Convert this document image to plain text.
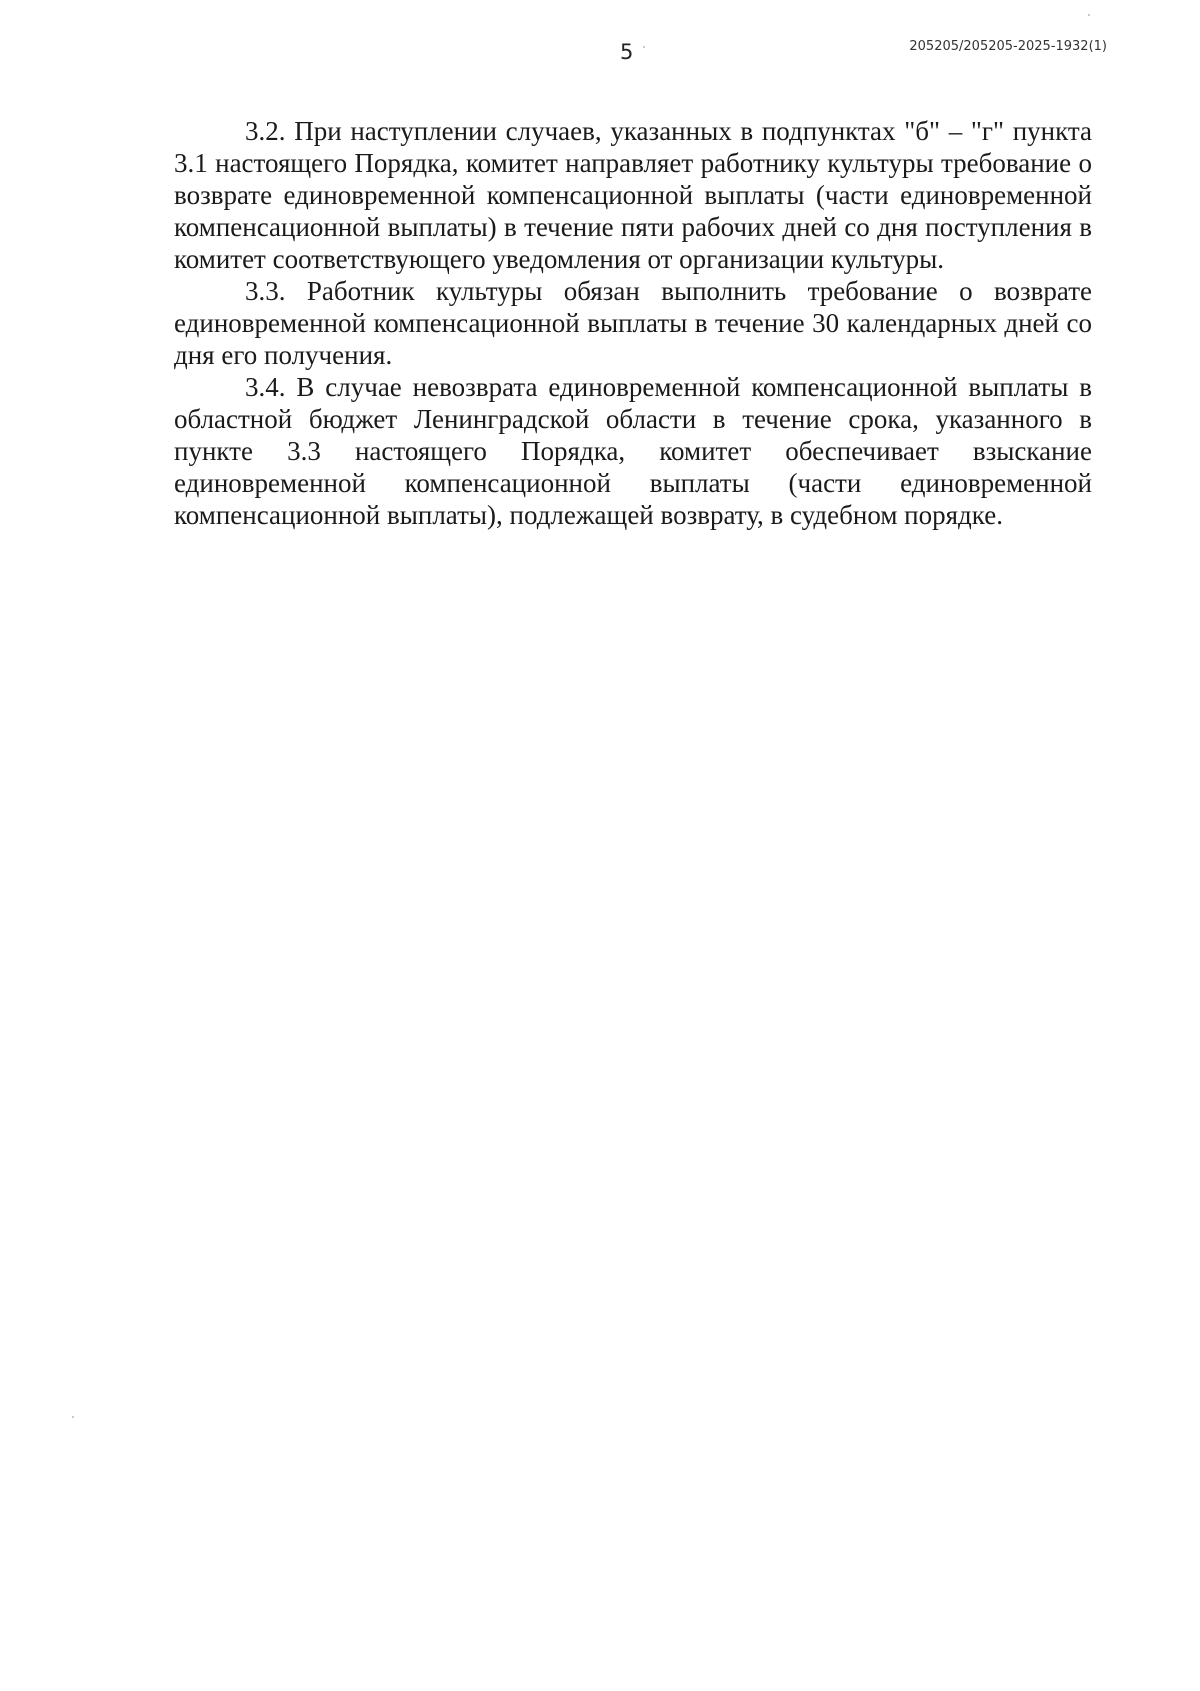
5	205205/205205-2025-1932(1)

3.2. При наступлении случаев, указанных в подпунктах "б" – "г" пункта 3.1 настоящего Порядка, комитет направляет работнику культуры требование о возврате единовременной компенсационной выплаты (части единовременной компенсационной выплаты) в течение пяти рабочих дней со дня поступления в комитет соответствующего уведомления от организации культуры.

3.3. Работник культуры обязан выполнить требование о возврате единовременной компенсационной выплаты в течение 30 календарных дней со дня его получения.

3.4. В случае невозврата единовременной компенсационной выплаты в областной бюджет Ленинградской области в течение срока, указанного в пункте 3.3 настоящего Порядка, комитет обеспечивает взыскание единовременной компенсационной выплаты (части единовременной компенсационной выплаты), подлежащей возврату, в судебном порядке.
